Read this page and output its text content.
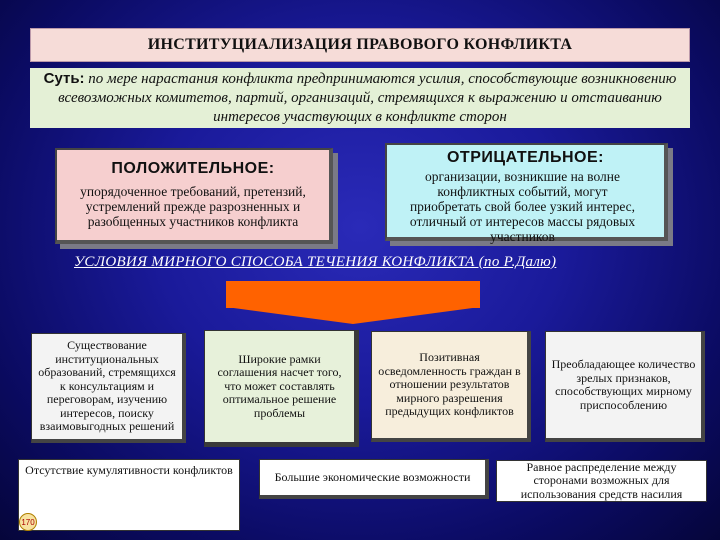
ИНСТИТУЦИАЛИЗАЦИЯ ПРАВОВОГО КОНФЛИКТА
Суть: по мере нарастания конфликта предпринимаются усилия, способствующие возникновению всевозможных комитетов, партий, организаций, стремящихся к выражению и отстаиванию интересов участвующих в конфликте сторон
ПОЛОЖИТЕЛЬНОЕ:
упорядоченное требований, претензий, устремлений прежде разрозненных и разобщенных участников конфликта
ОТРИЦАТЕЛЬНОЕ:
организации, возникшие на волне конфликтных событий, могут приобретать свой более узкий интерес, отличный от интересов массы рядовых участников
УСЛОВИЯ МИРНОГО СПОСОБА ТЕЧЕНИЯ КОНФЛИКТА (по Р.Далю)
Существование институциональных образований, стремящихся к консультациям и переговорам, изучению интересов, поиску взаимовыгодных решений
Широкие рамки соглашения насчет того, что может составлять оптимальное решение проблемы
Позитивная осведомленность граждан в отношении результатов мирного разрешения предыдущих конфликтов
Преобладающее количество зрелых признаков, способствующих мирному приспособлению
Отсутствие кумулятивности конфликтов	Большие экономические возможности
Равное распределение между сторонами возможных для использования средств насилия
170
